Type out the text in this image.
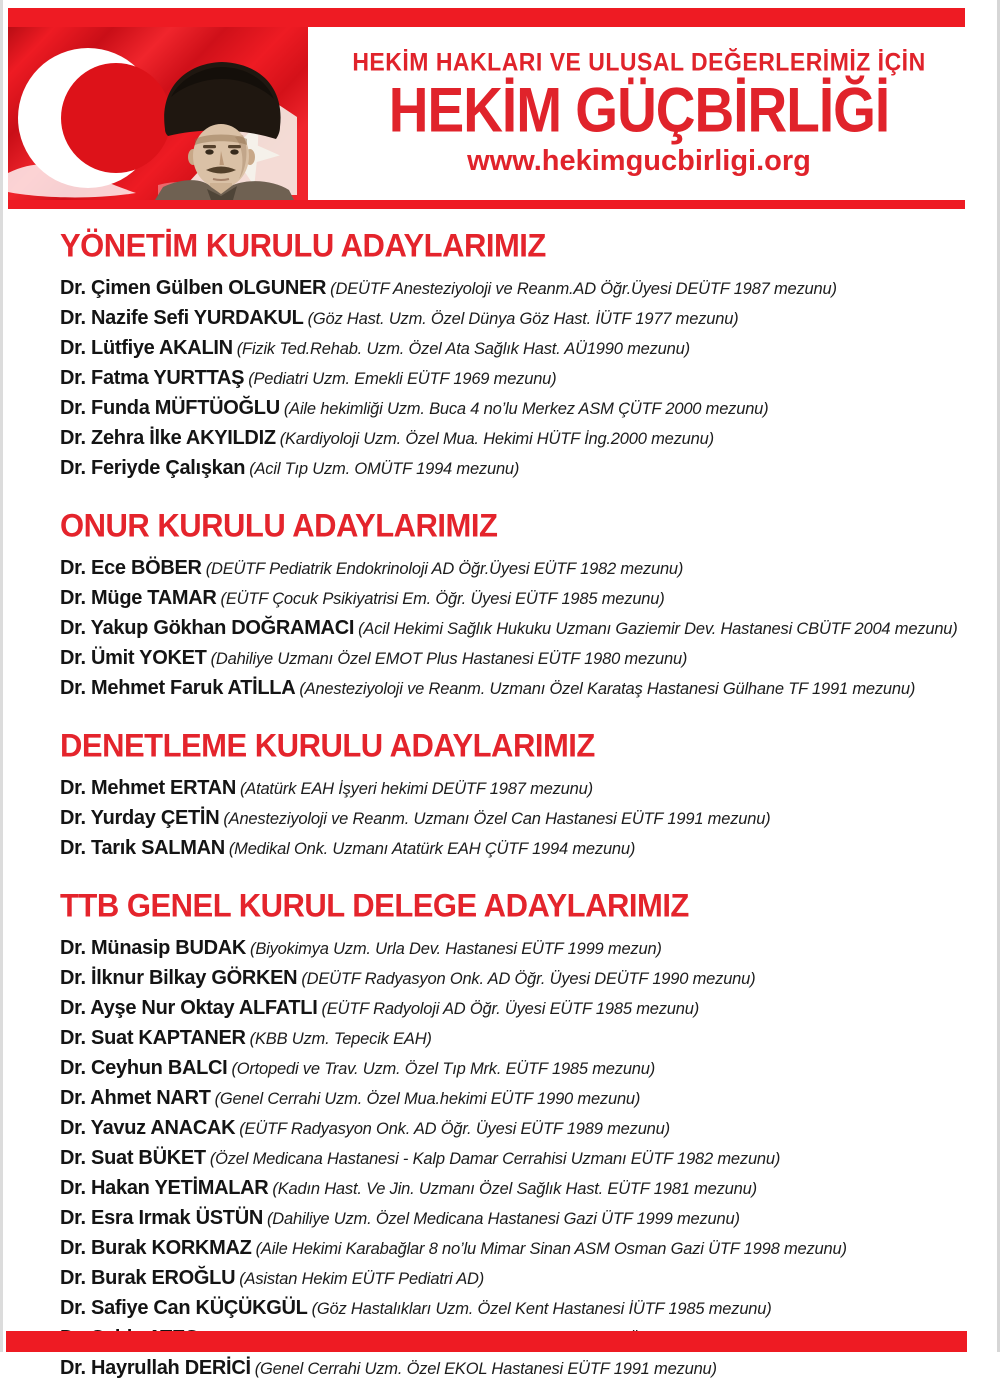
HEKİM HAKLARI VE ULUSAL DEĞERLERİMİZ İÇİN
HEKİM GÜÇBİRLİĞİ
www.hekimgucbirligi.org
YÖNETİM KURULU ADAYLARIMIZ
Dr. Çimen Gülben OLGUNER (DEÜTF Anesteziyoloji ve Reanm.AD Öğr.Üyesi DEÜTF 1987 mezunu)
Dr. Nazife Sefi YURDAKUL (Göz Hast. Uzm. Özel Dünya Göz Hast. İÜTF 1977 mezunu)
Dr. Lütfiye AKALIN (Fizik Ted.Rehab. Uzm. Özel Ata Sağlık Hast. AÜ1990 mezunu)
Dr. Fatma YURTTAŞ (Pediatri Uzm. Emekli EÜTF 1969 mezunu)
Dr. Funda MÜFTÜOĞLU (Aile hekimliği Uzm. Buca 4 no’lu Merkez ASM ÇÜTF 2000 mezunu)
Dr. Zehra İlke AKYILDIZ (Kardiyoloji Uzm. Özel Mua. Hekimi HÜTF İng.2000 mezunu)
Dr. Feriyde Çalışkan (Acil Tıp Uzm. OMÜTF 1994 mezunu)
ONUR KURULU ADAYLARIMIZ
Dr. Ece BÖBER (DEÜTF Pediatrik Endokrinoloji AD Öğr.Üyesi EÜTF 1982 mezunu)
Dr. Müge TAMAR (EÜTF Çocuk Psikiyatrisi Em. Öğr. Üyesi EÜTF 1985 mezunu)
Dr. Yakup Gökhan DOĞRAMACI (Acil Hekimi Sağlık Hukuku Uzmanı Gaziemir Dev. Hastanesi CBÜTF 2004 mezunu)
Dr. Ümit YOKET (Dahiliye Uzmanı Özel EMOT Plus Hastanesi EÜTF 1980 mezunu)
Dr. Mehmet Faruk ATİLLA (Anesteziyoloji ve Reanm. Uzmanı Özel Karataş Hastanesi Gülhane TF 1991 mezunu)
DENETLEME KURULU ADAYLARIMIZ
Dr. Mehmet ERTAN (Atatürk EAH İşyeri hekimi DEÜTF 1987 mezunu)
Dr. Yurday ÇETİN (Anesteziyoloji ve Reanm. Uzmanı Özel Can Hastanesi EÜTF 1991 mezunu)
Dr. Tarık SALMAN (Medikal Onk. Uzmanı Atatürk EAH ÇÜTF 1994 mezunu)
TTB GENEL KURUL DELEGE ADAYLARIMIZ
Dr. Münasip BUDAK (Biyokimya Uzm. Urla Dev. Hastanesi EÜTF 1999 mezun)
Dr. İlknur Bilkay GÖRKEN (DEÜTF Radyasyon Onk. AD Öğr. Üyesi DEÜTF 1990 mezunu)
Dr. Ayşe Nur Oktay ALFATLI (EÜTF Radyoloji AD Öğr. Üyesi EÜTF 1985 mezunu)
Dr. Suat KAPTANER (KBB Uzm. Tepecik EAH)
Dr. Ceyhun BALCI (Ortopedi ve Trav. Uzm. Özel Tıp Mrk. EÜTF 1985 mezunu)
Dr. Ahmet NART (Genel Cerrahi Uzm. Özel Mua.hekimi EÜTF 1990 mezunu)
Dr. Yavuz ANACAK (EÜTF Radyasyon Onk. AD Öğr. Üyesi EÜTF 1989 mezunu)
Dr. Suat BÜKET (Özel Medicana Hastanesi - Kalp Damar Cerrahisi Uzmanı EÜTF 1982 mezunu)
Dr. Hakan YETİMALAR (Kadın Hast. Ve Jin. Uzmanı Özel Sağlık Hast. EÜTF 1981 mezunu)
Dr. Esra Irmak ÜSTÜN (Dahiliye Uzm. Özel Medicana Hastanesi Gazi ÜTF 1999 mezunu)
Dr. Burak KORKMAZ (Aile Hekimi Karabağlar 8 no’lu Mimar Sinan ASM Osman Gazi ÜTF 1998 mezunu)
Dr. Burak EROĞLU (Asistan Hekim EÜTF Pediatri AD)
Dr. Safiye Can KÜÇÜKGÜL (Göz Hastalıkları Uzm. Özel Kent Hastanesi İÜTF 1985 mezunu)
Dr. Hayrullah DERİCİ (Genel Cerrahi Uzm. Özel EKOL Hastanesi EÜTF 1991 mezunu)
